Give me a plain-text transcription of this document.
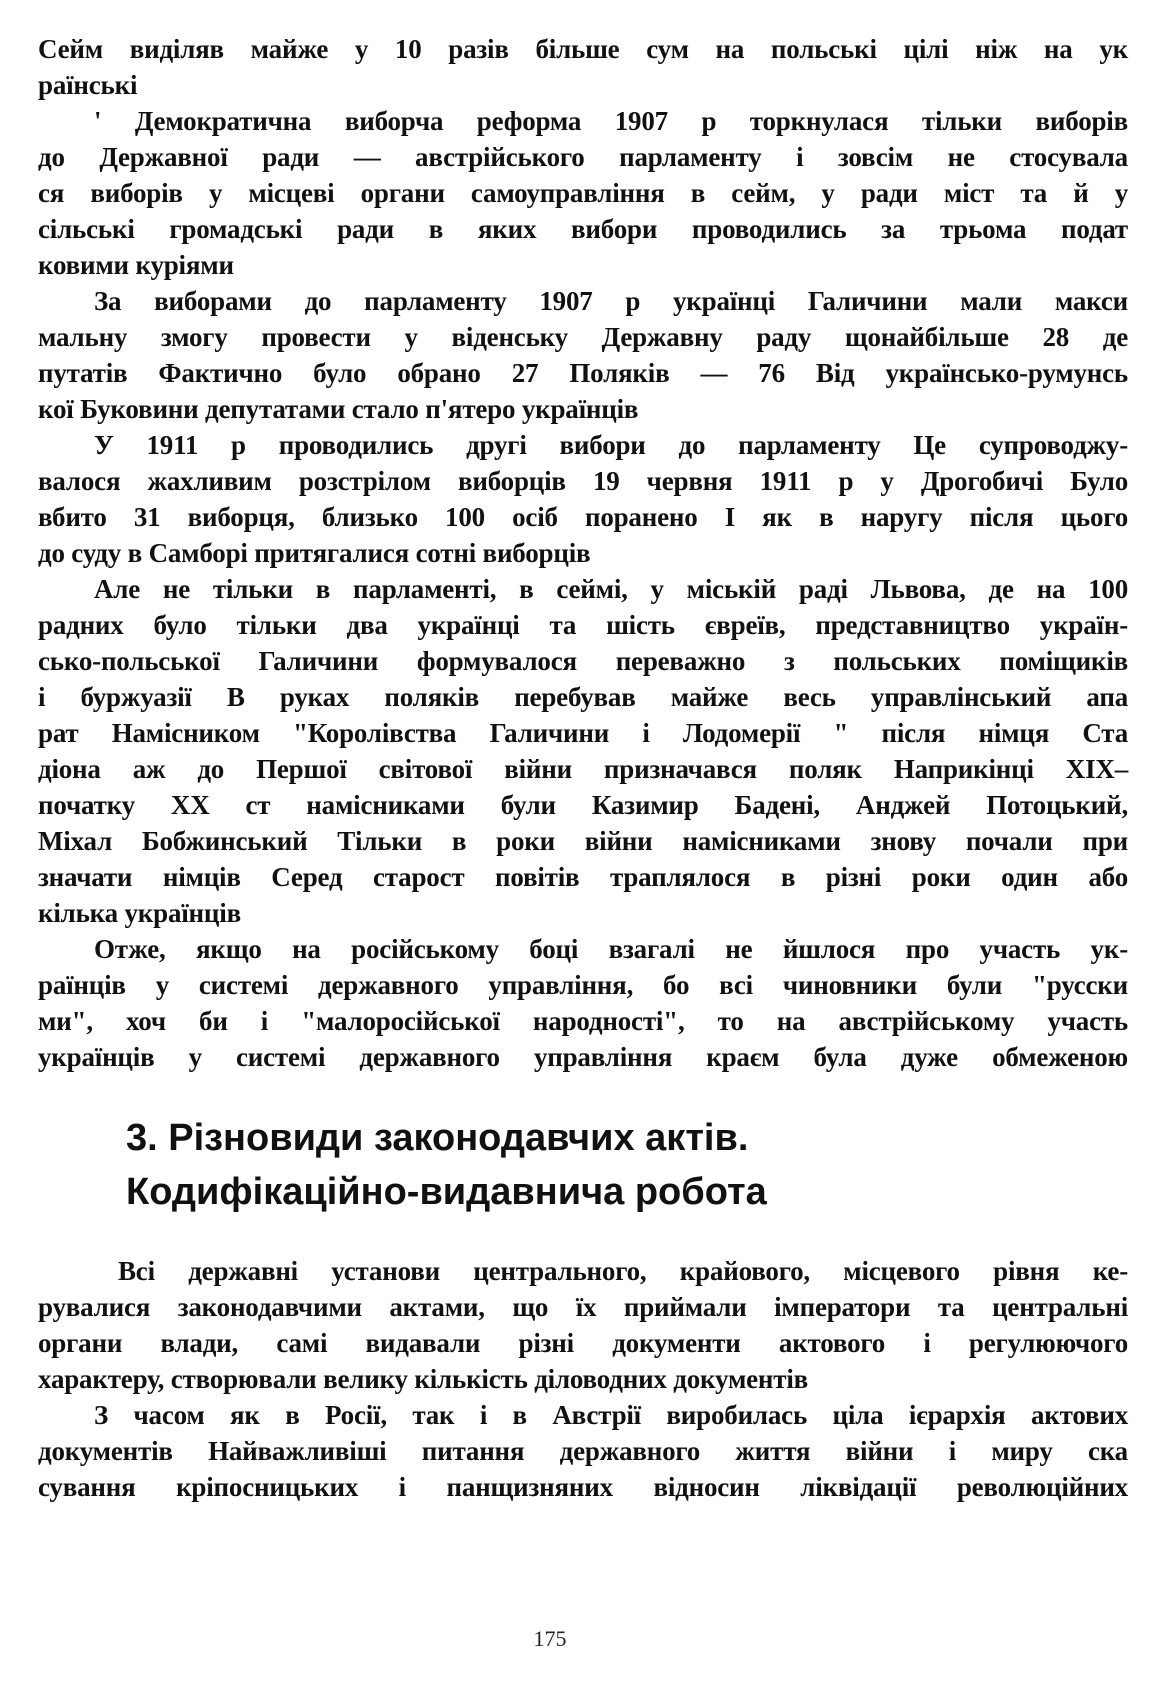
Сейм виділяв майже у 10 разів більше сум на польські цілі ніж на ук
раїнські
' Демократична виборча реформа 1907 р торкнулася тільки виборів
до Державної ради — австрійського парламенту і зовсім не стосувала
ся виборів у місцеві органи самоуправління в сейм, у ради міст та й у
сільські громадські ради в яких вибори проводились за трьома подат
ковими куріями
За виборами до парламенту 1907 р українці Галичини мали макси
мальну змогу провести у віденську Державну раду щонайбільше 28 де
путатів Фактично було обрано 27 Поляків — 76 Від українсько-румунсь
кої Буковини депутатами стало п'ятеро українців
У 1911 р проводились другі вибори до парламенту Це супроводжу-
валося жахливим розстрілом виборців 19 червня 1911 р у Дрогобичі Було
вбито 31 виборця, близько 100 осіб поранено І як в наругу після цього
до суду в Самборі притягалися сотні виборців
Але не тільки в парламенті, в сеймі, у міській раді Львова, де на 100
радних було тільки два українці та шість євреїв, представництво україн-
сько-польської Галичини формувалося переважно з польських поміщиків
і буржуазії В руках поляків перебував майже весь управлінський апа
рат Намісником "Королівства Галичини і Лодомерії " після німця Ста
діона аж до Першої світової війни призначався поляк Наприкінці XIX–
початку XX ст намісниками були Казимир Бадені, Анджей Потоцький,
Міхал Бобжинський Тільки в роки війни намісниками знову почали при
значати німців Серед старост повітів траплялося в різні роки один або
кілька українців
Отже, якщо на російському боці взагалі не йшлося про участь ук-
раїнців у системі державного управління, бо всі чиновники були "русски
ми", хоч би і "малоросійської народності", то на австрійському участь
українців у системі державного управління краєм була дуже обмеженою
3. Різновиди законодавчих актів.
Кодифікаційно-видавнича робота
Всі державні установи центрального, крайового, місцевого рівня ке-
рувалися законодавчими актами, що їх приймали імператори та центральні
органи влади, самі видавали різні документи актового і регулюючого
характеру, створювали велику кількість діловодних документів
З часом як в Росії, так і в Австрії виробилась ціла ієрархія актових
документів Найважливіші питання державного життя війни і миру ска
сування кріпосницьких і панщизняних відносин ліквідації революційних
175
